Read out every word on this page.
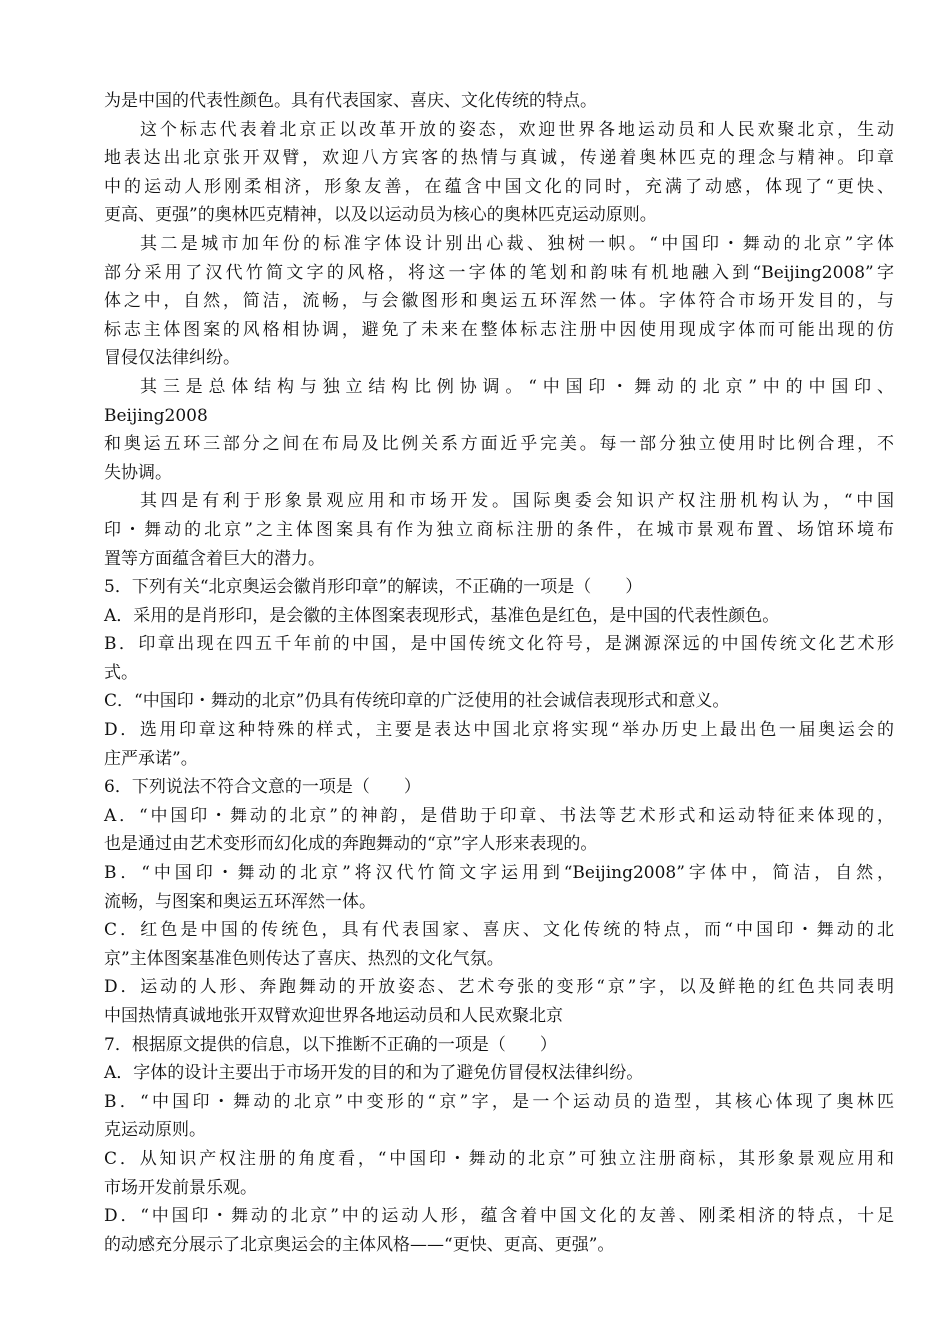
为是中国的代表性颜色。具有代表国家、喜庆、文化传统的特点。
这个标志代表着北京正以改革开放的姿态，欢迎世界各地运动员和人民欢聚北京，生动
地表达出北京张开双臂，欢迎八方宾客的热情与真诚，传递着奥林匹克的理念与精神。印章
中的运动人形刚柔相济，形象友善，在蕴含中国文化的同时，充满了动感，体现了“更快、
更高、更强”的奥林匹克精神，以及以运动员为核心的奥林匹克运动原则。
其二是城市加年份的标准字体设计别出心裁、独树一帜。“中国印・舞动的北京”字体
部分采用了汉代竹简文字的风格，将这一字体的笔划和韵味有机地融入到“Beijing2008”字
体之中，自然，简洁，流畅，与会徽图形和奥运五环浑然一体。字体符合市场开发目的，与
标志主体图案的风格相协调，避免了未来在整体标志注册中因使用现成字体而可能出现的仿
冒侵仅法律纠纷。
其三是总体结构与独立结构比例协调。“中国印・舞动的北京”中的中国印、
Beijing2008
和奥运五环三部分之间在布局及比例关系方面近乎完美。每一部分独立使用时比例合理，不
失协调。
其四是有利于形象景观应用和市场开发。国际奥委会知识产权注册机构认为，“中国
印・舞动的北京”之主体图案具有作为独立商标注册的条件，在城市景观布置、场馆环境布
置等方面蕴含着巨大的潜力。
5．下列有关“北京奥运会徽肖形印章”的解读，不正确的一项是（　　）
A．采用的是肖形印，是会徽的主体图案表现形式，基准色是红色，是中国的代表性颜色。
B．印章出现在四五千年前的中国，是中国传统文化符号，是渊源深远的中国传统文化艺术形
式。
C．“中国印・舞动的北京”仍具有传统印章的广泛使用的社会诚信表现形式和意义。
D．选用印章这种特殊的样式，主要是表达中国北京将实现“举办历史上最出色一届奥运会的
庄严承诺”。
6．下列说法不符合文意的一项是（　　）
A．“中国印・舞动的北京”的神韵，是借助于印章、书法等艺术形式和运动特征来体现的，
也是通过由艺术变形而幻化成的奔跑舞动的“京”字人形来表现的。
B．“中国印・舞动的北京”将汉代竹简文字运用到“Beijing2008”字体中，简洁，自然，
流畅，与图案和奥运五环浑然一体。
C．红色是中国的传统色，具有代表国家、喜庆、文化传统的特点，而“中国印・舞动的北
京”主体图案基准色则传达了喜庆、热烈的文化气氛。
D．运动的人形、奔跑舞动的开放姿态、艺术夸张的变形“京”字，以及鲜艳的红色共同表明
中国热情真诚地张开双臂欢迎世界各地运动员和人民欢聚北京
7．根据原文提供的信息，以下推断不正确的一项是（　　）
A．字体的设计主要出于市场开发的目的和为了避免仿冒侵权法律纠纷。
B．“中国印・舞动的北京”中变形的“京”字，是一个运动员的造型，其核心体现了奥林匹
克运动原则。
C．从知识产权注册的角度看，“中国印・舞动的北京”可独立注册商标，其形象景观应用和
市场开发前景乐观。
D．“中国印・舞动的北京”中的运动人形，蕴含着中国文化的友善、刚柔相济的特点，十足
的动感充分展示了北京奥运会的主体风格——“更快、更高、更强”。
